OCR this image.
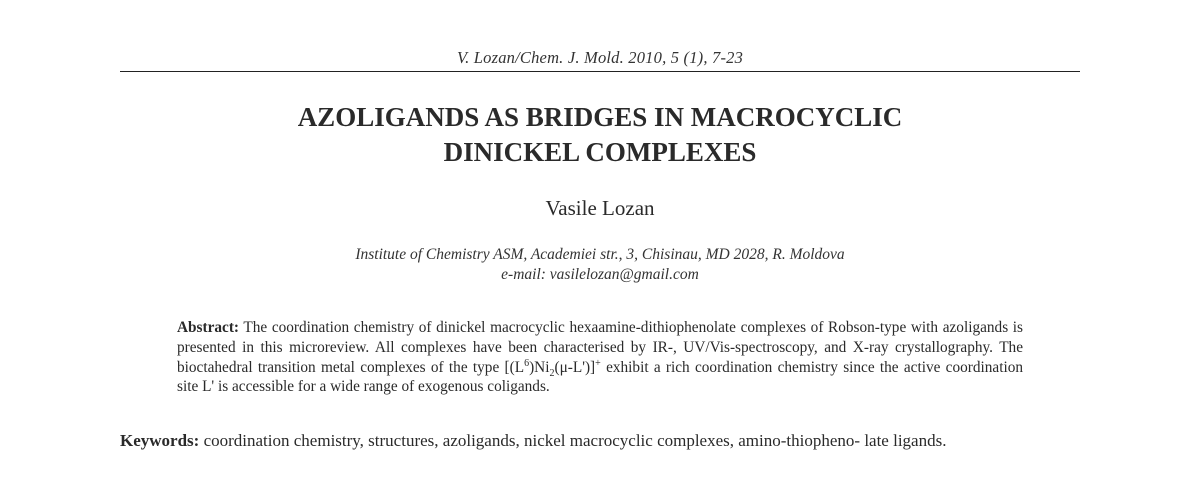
V. Lozan/Chem. J. Mold. 2010, 5 (1), 7-23
AZOLIGANDS AS BRIDGES IN MACROCYCLIC
DINICKEL COMPLEXES
Vasile Lozan
Institute of Chemistry ASM, Academiei str., 3, Chisinau, MD 2028, R. Moldova
e-mail: vasilelozan@gmail.com
Abstract: The coordination chemistry of dinickel macrocyclic hexaamine-dithiophenolate complexes of Robson-type with azoligands is presented in this microreview. All complexes have been characterised by IR-, UV/Vis-spectroscopy, and X-ray crystallography. The bioctahedral transition metal complexes of the type $[(L^6)Ni_2(\mu-L')]^+$ exhibit a rich coordination chemistry since the active coordination site L' is accessible for a wide range of exogenous coligands.
Keywords: coordination chemistry, structures, azoligands, nickel macrocyclic complexes, amino-thiopheno- late ligands.
